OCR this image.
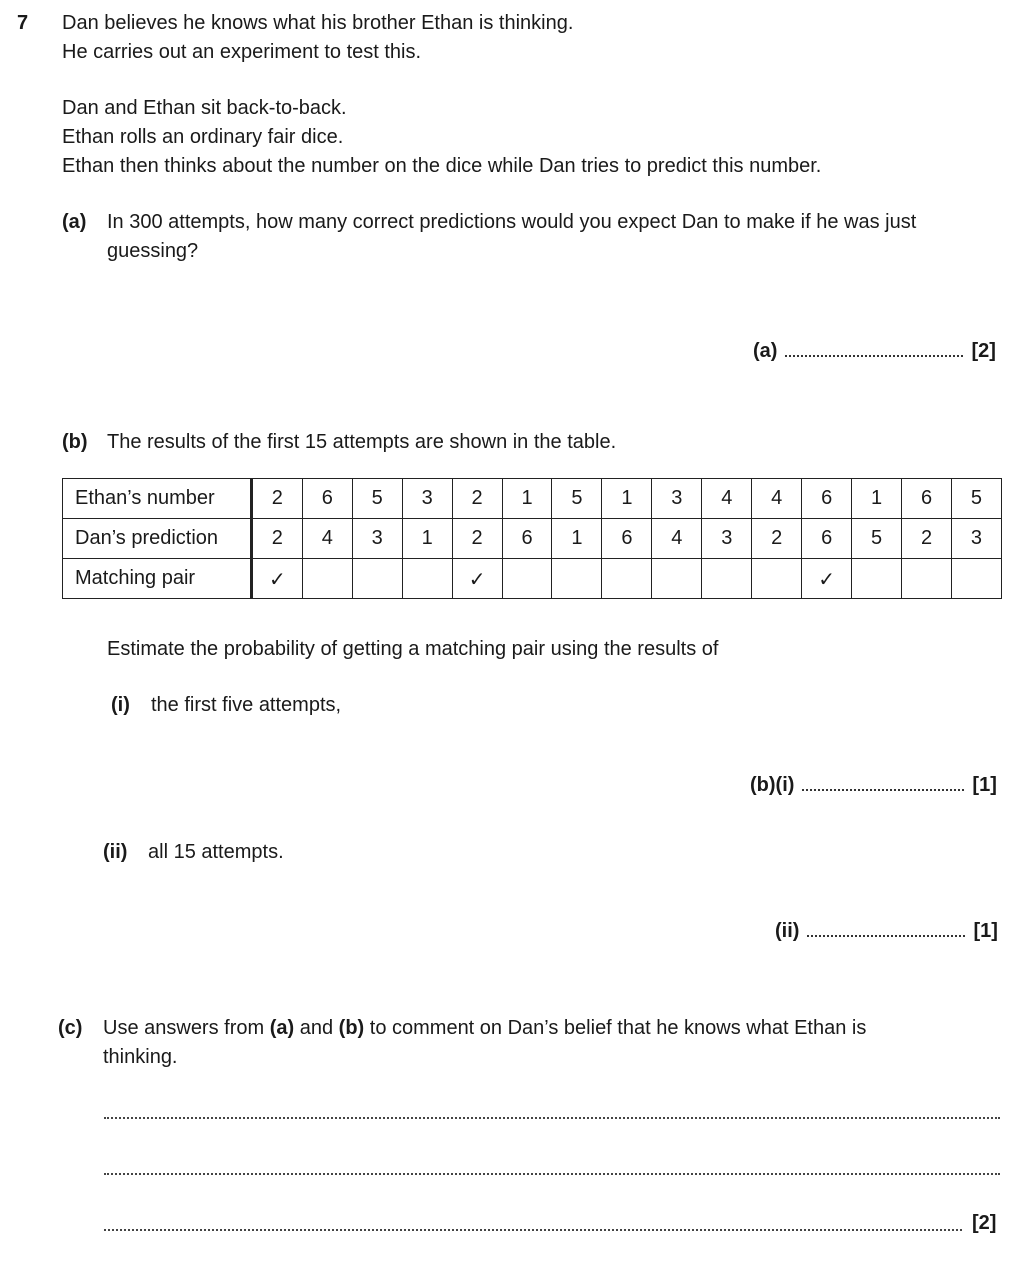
7 Dan believes he knows what his brother Ethan is thinking.
He carries out an experiment to test this.
Dan and Ethan sit back-to-back.
Ethan rolls an ordinary fair dice.
Ethan then thinks about the number on the dice while Dan tries to predict this number.
(a) In 300 attempts, how many correct predictions would you expect Dan to make if he was just
guessing?
(a)	[2]
(b) The results of the first 15 attempts are shown in the table.
Ethan’s number	2	6	5	3	2	1	5	1	3	4	4	6	1	6	5
Dan’s prediction	2	4	3	1	2	6	1	6	4	3	2	6	5	2	3
Matching pair	✓				✓							✓			
Estimate the probability of getting a matching pair using the results of
(i) the first five attempts,
(b)(i)	[1]
(ii) all 15 attempts.
(ii)	[1]
(c) Use answers from (a) and (b) to comment on Dan’s belief that he knows what Ethan is
thinking.
[2]
